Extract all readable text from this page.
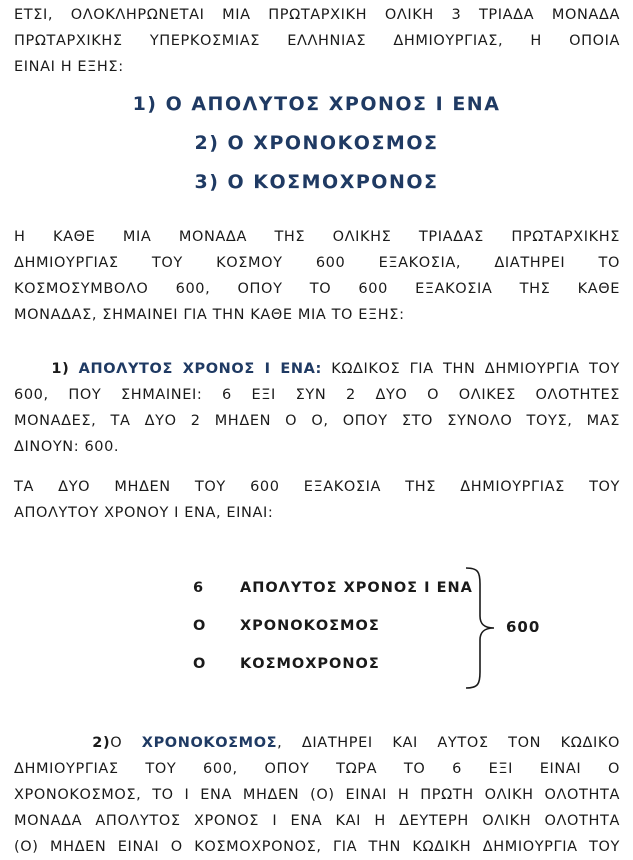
ΕΤΣΙ, ΟΛΟΚΛΗΡΩΝΕΤΑΙ ΜΙΑ ΠΡΩΤΑΡΧΙΚΗ ΟΛΙΚΗ 3 ΤΡΙΑΔΑ ΜΟΝΑΔΑ
ΠΡΩΤΑΡΧΙΚΗΣ ΥΠΕΡΚΟΣΜΙΑΣ ΕΛΛΗΝΙΑΣ ΔΗΜΙΟΥΡΓΙΑΣ, Η ΟΠΟΙΑ
ΕΙΝΑΙ Η ΕΞΗΣ:
1) Ο ΑΠΟΛΥΤΟΣ ΧΡΟΝΟΣ Ι ΕΝΑ
2) Ο ΧΡΟΝΟΚΟΣΜΟΣ
3) Ο ΚΟΣΜΟΧΡΟΝΟΣ
Η ΚΑΘΕ ΜΙΑ ΜΟΝΑΔΑ ΤΗΣ ΟΛΙΚΗΣ ΤΡΙΑΔΑΣ ΠΡΩΤΑΡΧΙΚΗΣ
ΔΗΜΙΟΥΡΓΙΑΣ ΤΟΥ ΚΟΣΜΟΥ 600 ΕΞΑΚΟΣΙΑ, ΔΙΑΤΗΡΕΙ ΤΟ
ΚΟΣΜΟΣΥΜΒΟΛΟ 600, ΟΠΟΥ ΤΟ 600 ΕΞΑΚΟΣΙΑ ΤΗΣ ΚΑΘΕ
ΜΟΝΑΔΑΣ, ΣΗΜΑΙΝΕΙ ΓΙΑ ΤΗΝ ΚΑΘΕ ΜΙΑ ΤΟ ΕΞΗΣ:
1) ΑΠΟΛΥΤΟΣ ΧΡΟΝΟΣ Ι ΕΝΑ: ΚΩΔΙΚΟΣ ΓΙΑ ΤΗΝ ΔΗΜΙΟΥΡΓΙΑ ΤΟΥ
600, ΠΟΥ ΣΗΜΑΙΝΕΙ: 6 ΕΞΙ ΣΥΝ 2 ΔΥΟ Ο ΟΛΙΚΕΣ ΟΛΟΤΗΤΕΣ
ΜΟΝΑΔΕΣ, ΤΑ ΔΥΟ 2 ΜΗΔΕΝ Ο Ο, ΟΠΟΥ ΣΤΟ ΣΥΝΟΛΟ ΤΟΥΣ, ΜΑΣ
ΔΙΝΟΥΝ: 600.
ΤΑ ΔΥΟ ΜΗΔΕΝ ΤΟΥ 600 ΕΞΑΚΟΣΙΑ ΤΗΣ ΔΗΜΙΟΥΡΓΙΑΣ ΤΟΥ
ΑΠΟΛΥΤΟΥ ΧΡΟΝΟΥ Ι ΕΝΑ, ΕΙΝΑΙ:
6	ΑΠΟΛΥΤΟΣ ΧΡΟΝΟΣ Ι ΕΝΑ
Ο ΧΡΟΝΟΚΟΣΜΟΣ
Ο ΚΟΣΜΟΧΡΟΝΟΣ
600
2)Ο ΧΡΟΝΟΚΟΣΜΟΣ, ΔΙΑΤΗΡΕΙ ΚΑΙ ΑΥΤΟΣ ΤΟΝ ΚΩΔΙΚΟ
ΔΗΜΙΟΥΡΓΙΑΣ ΤΟΥ 600, ΟΠΟΥ ΤΩΡΑ ΤΟ 6 ΕΞΙ ΕΙΝΑΙ Ο
ΧΡΟΝΟΚΟΣΜΟΣ, ΤΟ Ι ΕΝΑ ΜΗΔΕΝ (Ο) ΕΙΝΑΙ Η ΠΡΩΤΗ ΟΛΙΚΗ ΟΛΟΤΗΤΑ
ΜΟΝΑΔΑ ΑΠΟΛΥΤΟΣ ΧΡΟΝΟΣ Ι ΕΝΑ ΚΑΙ Η ΔΕΥΤΕΡΗ ΟΛΙΚΗ ΟΛΟΤΗΤΑ
(Ο) ΜΗΔΕΝ ΕΙΝΑΙ Ο ΚΟΣΜΟΧΡΟΝΟΣ, ΓΙΑ ΤΗΝ ΚΩΔΙΚΗ ΔΗΜΙΟΥΡΓΙΑ ΤΟΥ
